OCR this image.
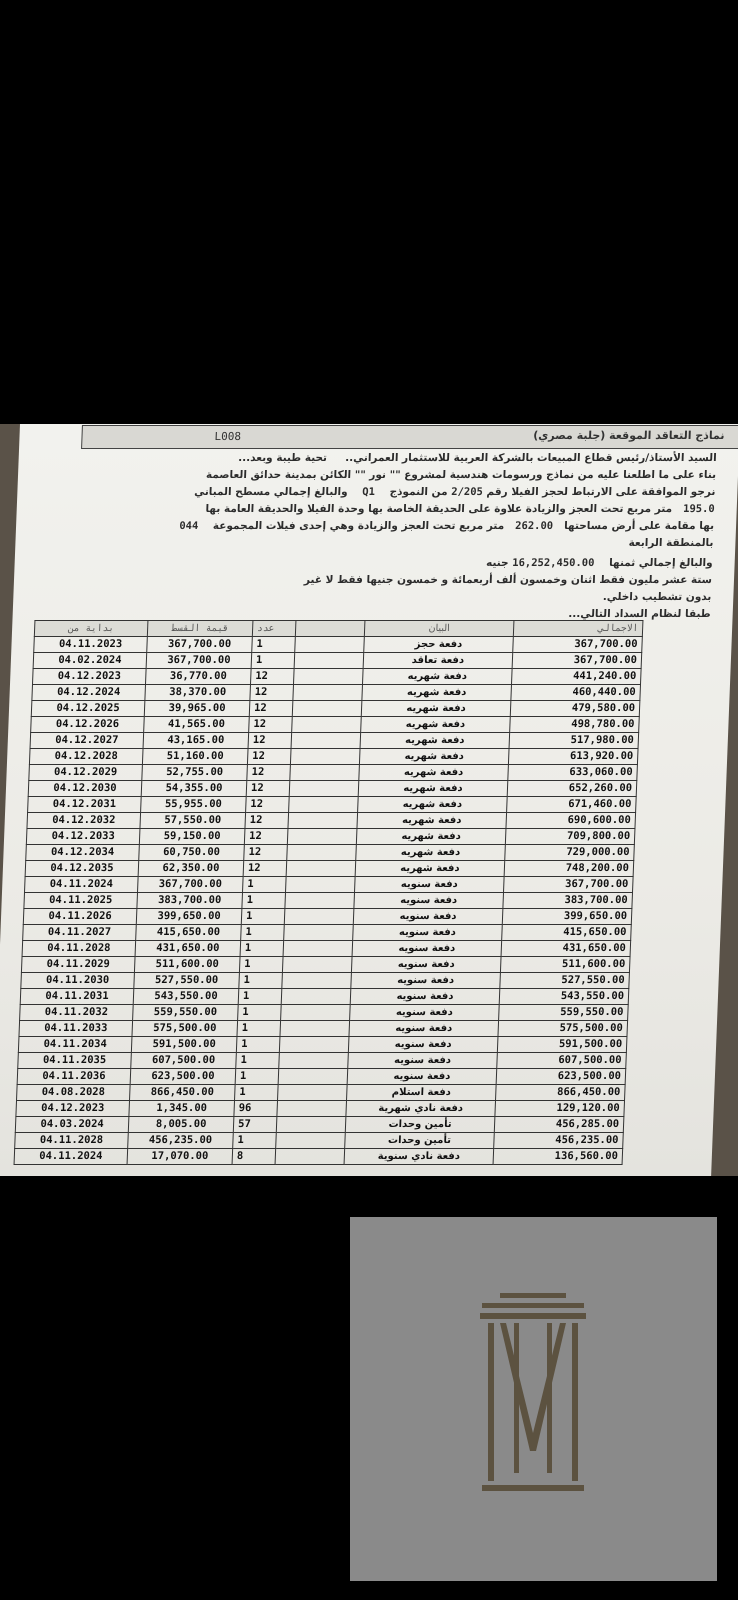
L008	نماذج التعاقد الموقعة (جلبة مصري)
السيد الأستاذ/رئيس قطاع المبيعات بالشركة العربية للاستثمار العمراني..     تحية طيبة وبعد...
بناء على ما اطلعنا عليه من نماذج ورسومات هندسية لمشروع "" نور "" الكائن بمدينة حدائق العاصمة
نرجو الموافقة على الارتباط لحجز الفيلا رقم 2/205 من النموذج    Q1    والبالغ إجمالي مسطح المباني
195.0   متر مربع تحت العجز والزيادة علاوة على الحديقة الخاصة بها وحدة الفيلا والحديقة العامة بها
بها مقامة على أرض مساحتها   262.00   متر مربع تحت العجز والزيادة وهي إحدى فيلات المجموعة    044
بالمنطقة الرابعة
والبالغ إجمالي ثمنها    16,252,450.00 جنيه
ستة عشر مليون فقط اثنان وخمسون ألف أربعمائة و خمسون جنيها فقط لا غير
بدون تشطيب داخلي.
طبقا لنظام السداد التالي...
بداية من	قيمة القسط	عدد		البيان	الاجمالي
04.11.2023	367,700.00	1		دفعة حجز	367,700.00
04.02.2024	367,700.00	1		دفعة تعاقد	367,700.00
04.12.2023	36,770.00	12		دفعة شهريه	441,240.00
04.12.2024	38,370.00	12		دفعة شهريه	460,440.00
04.12.2025	39,965.00	12		دفعة شهريه	479,580.00
04.12.2026	41,565.00	12		دفعة شهريه	498,780.00
04.12.2027	43,165.00	12		دفعة شهريه	517,980.00
04.12.2028	51,160.00	12		دفعة شهريه	613,920.00
04.12.2029	52,755.00	12		دفعة شهريه	633,060.00
04.12.2030	54,355.00	12		دفعة شهريه	652,260.00
04.12.2031	55,955.00	12		دفعة شهريه	671,460.00
04.12.2032	57,550.00	12		دفعة شهريه	690,600.00
04.12.2033	59,150.00	12		دفعة شهريه	709,800.00
04.12.2034	60,750.00	12		دفعة شهريه	729,000.00
04.12.2035	62,350.00	12		دفعة شهريه	748,200.00
04.11.2024	367,700.00	1		دفعة سنويه	367,700.00
04.11.2025	383,700.00	1		دفعة سنويه	383,700.00
04.11.2026	399,650.00	1		دفعة سنويه	399,650.00
04.11.2027	415,650.00	1		دفعة سنويه	415,650.00
04.11.2028	431,650.00	1		دفعة سنويه	431,650.00
04.11.2029	511,600.00	1		دفعة سنويه	511,600.00
04.11.2030	527,550.00	1		دفعة سنويه	527,550.00
04.11.2031	543,550.00	1		دفعة سنويه	543,550.00
04.11.2032	559,550.00	1		دفعة سنويه	559,550.00
04.11.2033	575,500.00	1		دفعة سنويه	575,500.00
04.11.2034	591,500.00	1		دفعة سنويه	591,500.00
04.11.2035	607,500.00	1		دفعة سنويه	607,500.00
04.11.2036	623,500.00	1		دفعة سنويه	623,500.00
04.08.2028	866,450.00	1		دفعة استلام	866,450.00
04.12.2023	1,345.00	96		دفعة نادي شهرية	129,120.00
04.03.2024	8,005.00	57		تأمين وحدات	456,285.00
04.11.2028	456,235.00	1		تأمين وحدات	456,235.00
04.11.2024	17,070.00	8		دفعة نادي سنوية	136,560.00
